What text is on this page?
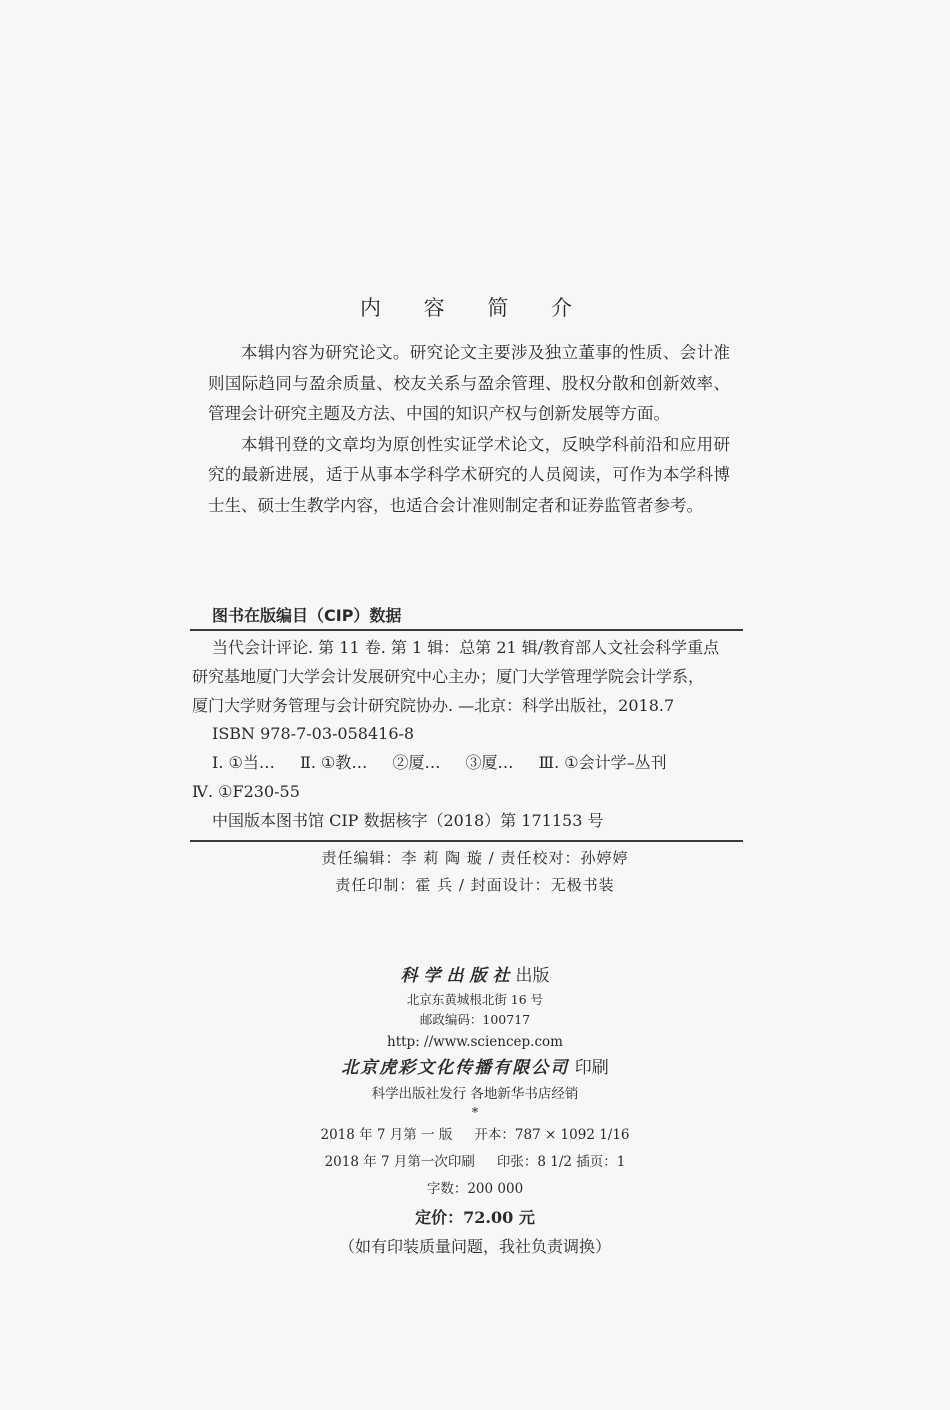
内 容 简 介

本辑内容为研究论文。研究论文主要涉及独立董事的性质、会计准则国际趋同与盈余质量、校友关系与盈余管理、股权分散和创新效率、管理会计研究主题及方法、中国的知识产权与创新发展等方面。

本辑刊登的文章均为原创性实证学术论文，反映学科前沿和应用研究的最新进展，适于从事本学科学术研究的人员阅读，可作为本学科博士生、硕士生教学内容，也适合会计准则制定者和证券监管者参考。

图书在版编目（CIP）数据
当代会计评论. 第 11 卷. 第 1 辑：总第 21 辑/教育部人文社会科学重点
研究基地厦门大学会计发展研究中心主办；厦门大学管理学院会计学系，
厦门大学财务管理与会计研究院协办. —北京：科学出版社，2018.7
ISBN 978-7-03-058416-8
Ⅰ. ①当… Ⅱ. ①教… ②厦… ③厦… Ⅲ. ①会计学–丛刊
Ⅳ. ①F230-55
中国版本图书馆 CIP 数据核字（2018）第 171153 号
责任编辑：李 莉 陶 璇 / 责任校对：孙婷婷
责任印制：霍 兵 / 封面设计：无极书装
科学出版社出版
北京东黄城根北街 16 号
邮政编码：100717
http: //www.sciencep.com
北京虎彩文化传播有限公司 印刷
科学出版社发行 各地新华书店经销
*
2018 年 7 月第 一 版 开本：787 × 1092 1/16
2018 年 7 月第一次印刷 印张：8 1/2 插页：1
字数：200 000
定价：72.00 元
（如有印装质量问题，我社负责调换）
